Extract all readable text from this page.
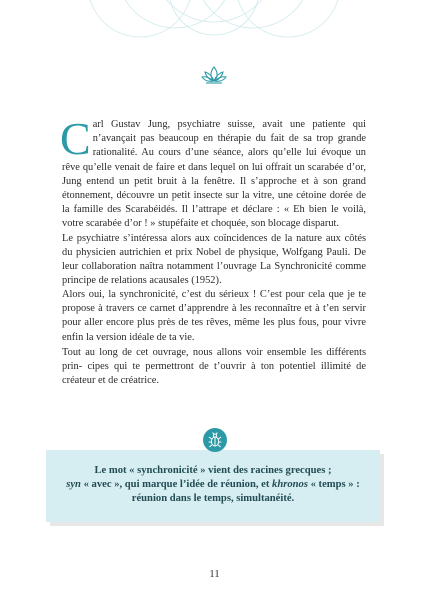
C arl Gustav Jung, psychiatre suisse, avait une patiente qui n’avançait pas beaucoup en thérapie du fait de sa trop grande rationalité. Au cours d’une séance, alors qu’elle lui évoque un rêve qu’elle venait de faire et dans lequel on lui offrait un scarabée d’or, Jung entend un petit bruit à la fenêtre. Il s’approche et à son grand étonnement, découvre un petit insecte sur la vitre, une cétoine dorée de la famille des Scarabéidés. Il l’attrape et déclare : « Eh bien le voilà, votre scarabée d’or ! » stupéfaite et choquée, son blocage disparut.
Le psychiatre s’intéressa alors aux coïncidences de la nature aux côtés du physicien autrichien et prix Nobel de physique, Wolfgang Pauli. De leur collaboration naîtra notamment l’ouvrage La Synchronicité comme principe de relations acausales (1952).
Alors oui, la synchronicité, c’est du sérieux ! C’est pour cela que je te propose à travers ce carnet d’apprendre à les reconnaître et à t’en servir pour aller encore plus près de tes rêves, même les plus fous, pour vivre enfin la version idéale de ta vie.
Tout au long de cet ouvrage, nous allons voir ensemble les différents prin- cipes qui te permettront de t’ouvrir à ton potentiel illimité de créateur et de créatrice.
Le mot « synchronicité » vient des racines grecques ;
syn « avec », qui marque l’idée de réunion, et khronos « temps » :
réunion dans le temps, simultanéité.
11
